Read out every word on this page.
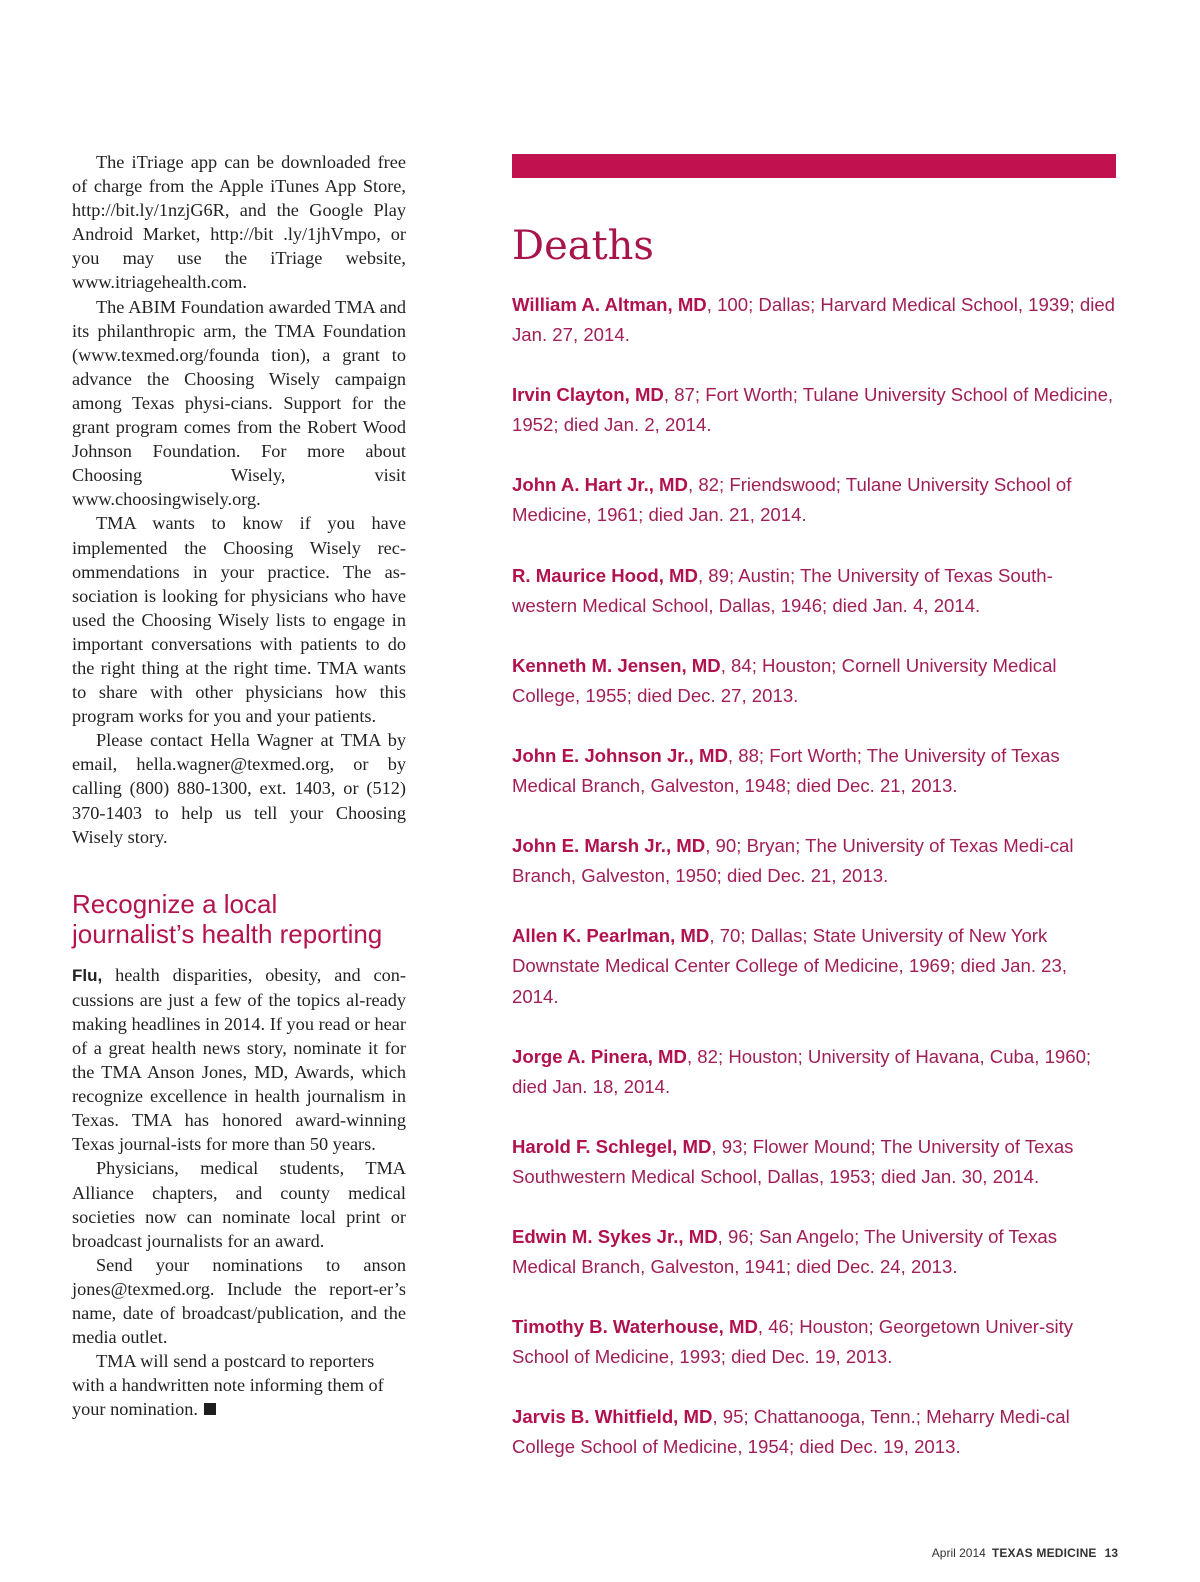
The iTriage app can be downloaded free of charge from the Apple iTunes App Store, http://bit.ly/1nzjG6R, and the Google Play Android Market, http://bit .ly/1jhVmpo, or you may use the iTriage website, www.itriagehealth.com.

The ABIM Foundation awarded TMA and its philanthropic arm, the TMA Foundation (www.texmed.org/founda tion), a grant to advance the Choosing Wisely campaign among Texas physi-cians. Support for the grant program comes from the Robert Wood Johnson Foundation. For more about Choosing Wisely, visit www.choosingwisely.org.

TMA wants to know if you have implemented the Choosing Wisely rec-ommendations in your practice. The as-sociation is looking for physicians who have used the Choosing Wisely lists to engage in important conversations with patients to do the right thing at the right time. TMA wants to share with other physicians how this program works for you and your patients.

Please contact Hella Wagner at TMA by email, hella.wagner@texmed.org, or by calling (800) 880-1300, ext. 1403, or (512) 370-1403 to help us tell your Choosing Wisely story.

Recognize a local journalist’s health reporting

Flu, health disparities, obesity, and con-cussions are just a few of the topics al-ready making headlines in 2014. If you read or hear of a great health news story, nominate it for the TMA Anson Jones, MD, Awards, which recognize excellence in health journalism in Texas. TMA has honored award-winning Texas journal-ists for more than 50 years.

Physicians, medical students, TMA Alliance chapters, and county medical societies now can nominate local print or broadcast journalists for an award.

Send your nominations to anson jones@texmed.org. Include the report-er’s name, date of broadcast/publication, and the media outlet.

TMA will send a postcard to reporters with a handwritten note informing them of your nomination.

Deaths
William A. Altman, MD, 100; Dallas; Harvard Medical School, 1939; died Jan. 27, 2014.
Irvin Clayton, MD, 87; Fort Worth; Tulane University School of Medicine, 1952; died Jan. 2, 2014.
John A. Hart Jr., MD, 82; Friendswood; Tulane University School of Medicine, 1961; died Jan. 21, 2014.
R. Maurice Hood, MD, 89; Austin; The University of Texas South-western Medical School, Dallas, 1946; died Jan. 4, 2014.
Kenneth M. Jensen, MD, 84; Houston; Cornell University Medical College, 1955; died Dec. 27, 2013.
John E. Johnson Jr., MD, 88; Fort Worth; The University of Texas Medical Branch, Galveston, 1948; died Dec. 21, 2013.
John E. Marsh Jr., MD, 90; Bryan; The University of Texas Medi-cal Branch, Galveston, 1950; died Dec. 21, 2013.
Allen K. Pearlman, MD, 70; Dallas; State University of New York Downstate Medical Center College of Medicine, 1969; died Jan. 23, 2014.
Jorge A. Pinera, MD, 82; Houston; University of Havana, Cuba, 1960; died Jan. 18, 2014.
Harold F. Schlegel, MD, 93; Flower Mound; The University of Texas Southwestern Medical School, Dallas, 1953; died Jan. 30, 2014.
Edwin M. Sykes Jr., MD, 96; San Angelo; The University of Texas Medical Branch, Galveston, 1941; died Dec. 24, 2013.
Timothy B. Waterhouse, MD, 46; Houston; Georgetown Univer-sity School of Medicine, 1993; died Dec. 19, 2013.
Jarvis B. Whitfield, MD, 95; Chattanooga, Tenn.; Meharry Medi-cal College School of Medicine, 1954; died Dec. 19, 2013.
April 2014 TEXAS MEDICINE 13
